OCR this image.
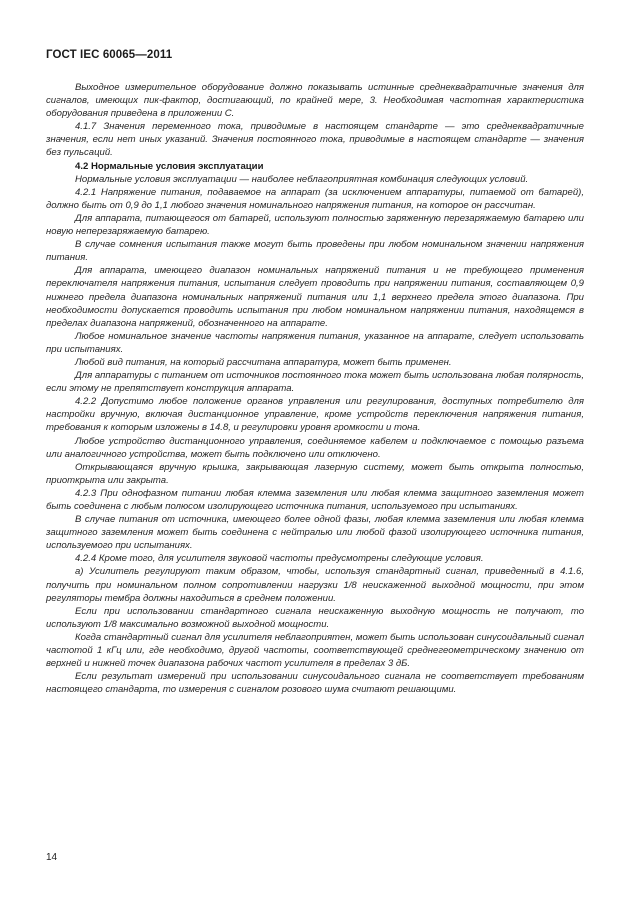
ГОСТ IEC 60065—2011

Выходное измерительное оборудование должно показывать истинные среднеквадратичные значения для сигналов, имеющих пик-фактор, достигающий, по крайней мере, 3. Необходимая частотная характеристика оборудования приведена в приложении С.

4.1.7 Значения переменного тока, приводимые в настоящем стандарте — это среднеквадратичные значения, если нет иных указаний. Значения постоянного тока, приводимые в настоящем стандарте — значения без пульсаций.

4.2 Нормальные условия эксплуатации

Нормальные условия эксплуатации — наиболее неблагоприятная комбинация следующих условий.

4.2.1 Напряжение питания, подаваемое на аппарат (за исключением аппаратуры, питаемой от батарей), должно быть от 0,9 до 1,1 любого значения номинального напряжения питания, на которое он рассчитан.

Для аппарата, питающегося от батарей, используют полностью заряженную перезаряжаемую батарею или новую неперезаряжаемую батарею.

В случае сомнения испытания также могут быть проведены при любом номинальном значении напряжения питания.

Для аппарата, имеющего диапазон номинальных напряжений питания и не требующего применения переключателя напряжения питания, испытания следует проводить при напряжении питания, составляющем 0,9 нижнего предела диапазона номинальных напряжений питания или 1,1 верхнего предела этого диапазона. При необходимости допускается проводить испытания при любом номинальном напряжении питания, находящемся в пределах диапазона напряжений, обозначенного на аппарате.

Любое номинальное значение частоты напряжения питания, указанное на аппарате, следует использовать при испытаниях.

Любой вид питания, на который рассчитана аппаратура, может быть применен.

Для аппаратуры с питанием от источников постоянного тока может быть использована любая полярность, если этому не препятствует конструкция аппарата.

4.2.2 Допустимо любое положение органов управления или регулирования, доступных потребителю для настройки вручную, включая дистанционное управление, кроме устройств переключения напряжения питания, требования к которым изложены в 14.8, и регулировки уровня громкости и тона.

Любое устройство дистанционного управления, соединяемое кабелем и подключаемое с помощью разъема или аналогичного устройства, может быть подключено или отключено.

Открывающаяся вручную крышка, закрывающая лазерную систему, может быть открыта полностью, приоткрыта или закрыта.

4.2.3 При однофазном питании любая клемма заземления или любая клемма защитного заземления может быть соединена с любым полюсом изолирующего источника питания, используемого при испытаниях.

В случае питания от источника, имеющего более одной фазы, любая клемма заземления или любая клемма защитного заземления может быть соединена с нейтралью или любой фазой изолирующего источника питания, используемого при испытаниях.

4.2.4 Кроме того, для усилителя звуковой частоты предусмотрены следующие условия.

а) Усилитель регулируют таким образом, чтобы, используя стандартный сигнал, приведенный в 4.1.6, получить при номинальном полном сопротивлении нагрузки 1/8 неискаженной выходной мощности, при этом регуляторы тембра должны находиться в среднем положении.

Если при использовании стандартного сигнала неискаженную выходную мощность не получают, то используют 1/8 максимально возможной выходной мощности.

Когда стандартный сигнал для усилителя неблагоприятен, может быть использован синусоидальный сигнал частотой 1 кГц или, где необходимо, другой частоты, соответствующей среднегеометрическому значению от верхней и нижней точек диапазона рабочих частот усилителя в пределах 3 дБ.

Если результат измерений при использовании синусоидального сигнала не соответствует требованиям настоящего стандарта, то измерения с сигналом розового шума считают решающими.

14
